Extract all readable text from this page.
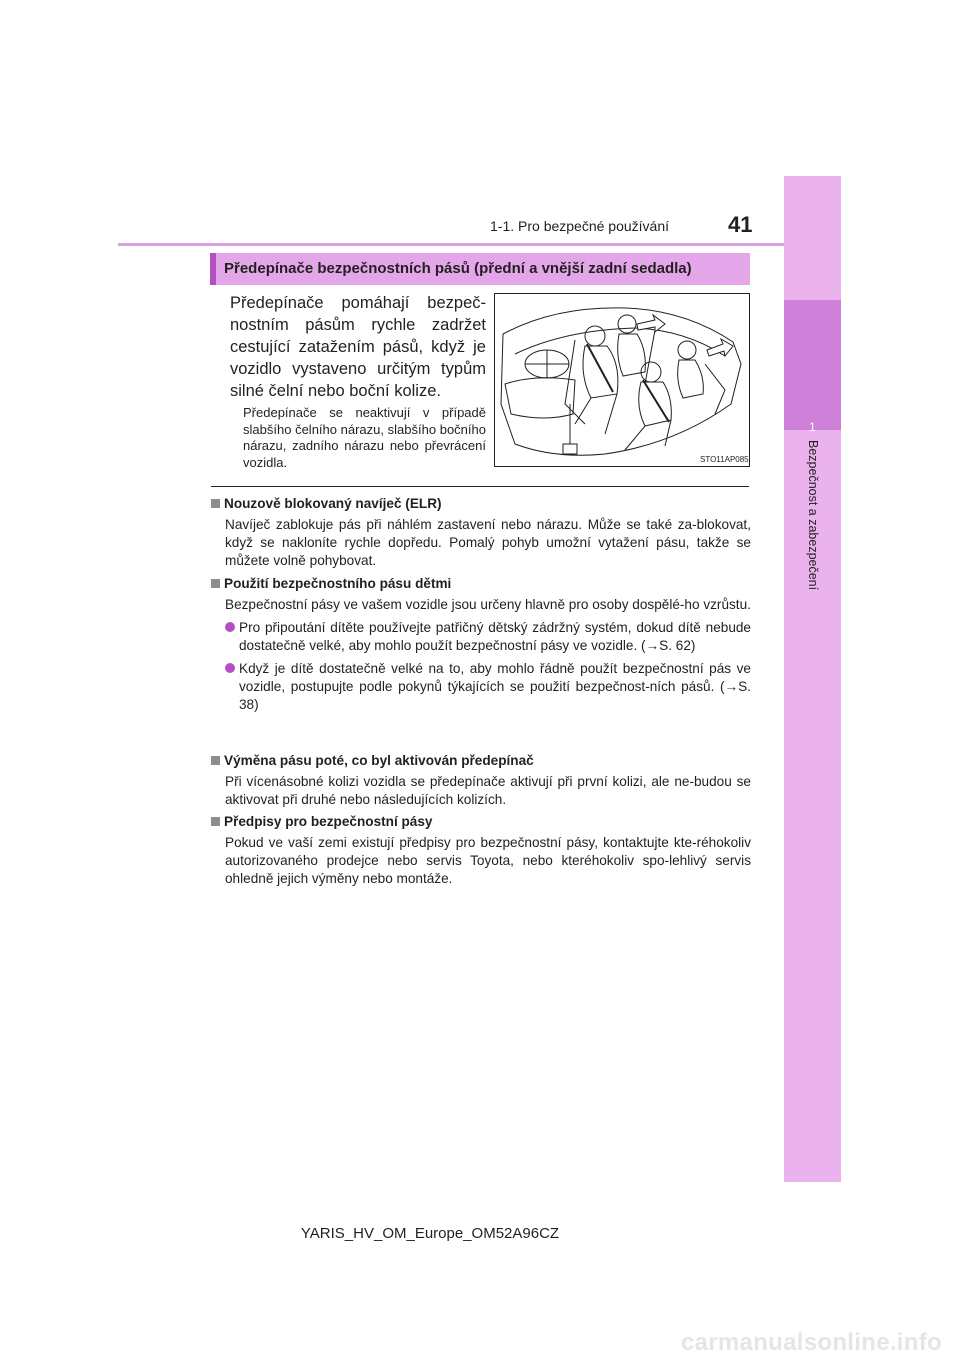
1-1. Pro bezpečné používání	41
1
Bezpečnost a zabezpečení
Předepínače bezpečnostních pásů (přední a vnější zadní sedadla)
Předepínače pomáhají bezpeč-nostním pásům rychle zadržet cestující zatažením pásů, když je vozidlo vystaveno určitým typům silné čelní nebo boční kolize.
Předepínače se neaktivují v případě slabšího čelního nárazu, slabšího bočního nárazu, zadního nárazu nebo převrácení vozidla.	STO11AP085

Nouzově blokovaný navíječ (ELR)

Navíječ zablokuje pás při náhlém zastavení nebo nárazu. Může se také za-blokovat, když se nakloníte rychle dopředu. Pomalý pohyb umožní vytažení pásu, takže se můžete volně pohybovat.

Použití bezpečnostního pásu dětmi

Bezpečnostní pásy ve vašem vozidle jsou určeny hlavně pro osoby dospělé-ho vzrůstu.

Pro připoutání dítěte používejte patřičný dětský zádržný systém, dokud dítě nebude dostatečně velké, aby mohlo použít bezpečnostní pásy ve vozidle. (→S. 62)
Když je dítě dostatečně velké na to, aby mohlo řádně použít bezpečnostní pás ve vozidle, postupujte podle pokynů týkajících se použití bezpečnost-ních pásů. (→S. 38)

Výměna pásu poté, co byl aktivován předepínač

Při vícenásobné kolizi vozidla se předepínače aktivují při první kolizi, ale ne-budou se aktivovat při druhé nebo následujících kolizích.

Předpisy pro bezpečnostní pásy

Pokud ve vaší zemi existují předpisy pro bezpečnostní pásy, kontaktujte kte-réhokoliv autorizovaného prodejce nebo servis Toyota, nebo kteréhokoliv spo-lehlivý servis ohledně jejich výměny nebo montáže.

YARIS_HV_OM_Europe_OM52A96CZ
carmanualsonline.info
